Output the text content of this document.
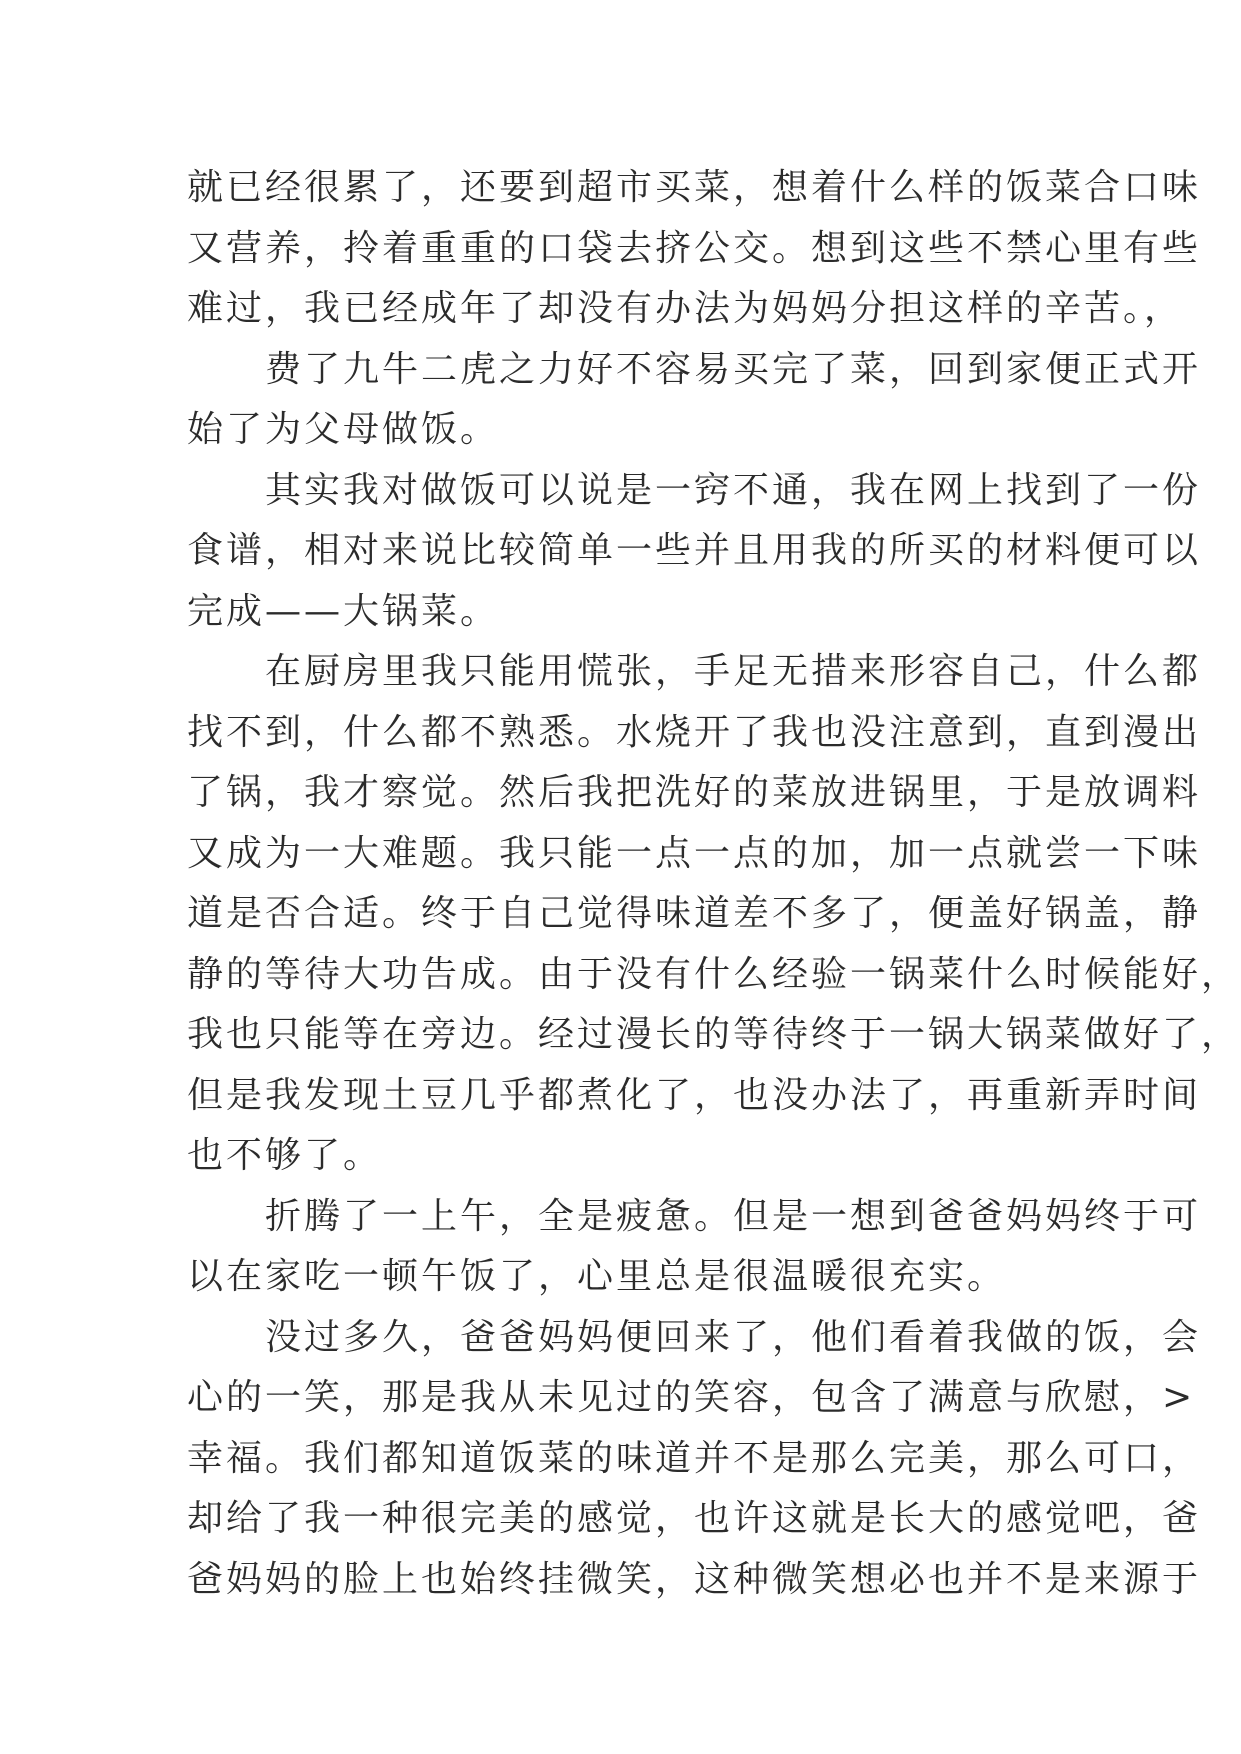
就已经很累了，还要到超市买菜，想着什么样的饭菜合口味
又营养，拎着重重的口袋去挤公交。想到这些不禁心里有些
难过，我已经成年了却没有办法为妈妈分担这样的辛苦。，
　　费了九牛二虎之力好不容易买完了菜，回到家便正式开
始了为父母做饭。
　　其实我对做饭可以说是一窍不通，我在网上找到了一份
食谱，相对来说比较简单一些并且用我的所买的材料便可以
完成——大锅菜。
　　在厨房里我只能用慌张，手足无措来形容自己，什么都
找不到，什么都不熟悉。水烧开了我也没注意到，直到漫出
了锅，我才察觉。然后我把洗好的菜放进锅里，于是放调料
又成为一大难题。我只能一点一点的加，加一点就尝一下味
道是否合适。终于自己觉得味道差不多了，便盖好锅盖，静
静的等待大功告成。由于没有什么经验一锅菜什么时候能好，
我也只能等在旁边。经过漫长的等待终于一锅大锅菜做好了，
但是我发现土豆几乎都煮化了，也没办法了，再重新弄时间
也不够了。
　　折腾了一上午，全是疲惫。但是一想到爸爸妈妈终于可
以在家吃一顿午饭了，心里总是很温暖很充实。
　　没过多久，爸爸妈妈便回来了，他们看着我做的饭，会
心的一笑，那是我从未见过的笑容，包含了满意与欣慰，>
幸福。我们都知道饭菜的味道并不是那么完美，那么可口，
却给了我一种很完美的感觉，也许这就是长大的感觉吧，爸
爸妈妈的脸上也始终挂微笑，这种微笑想必也并不是来源于
